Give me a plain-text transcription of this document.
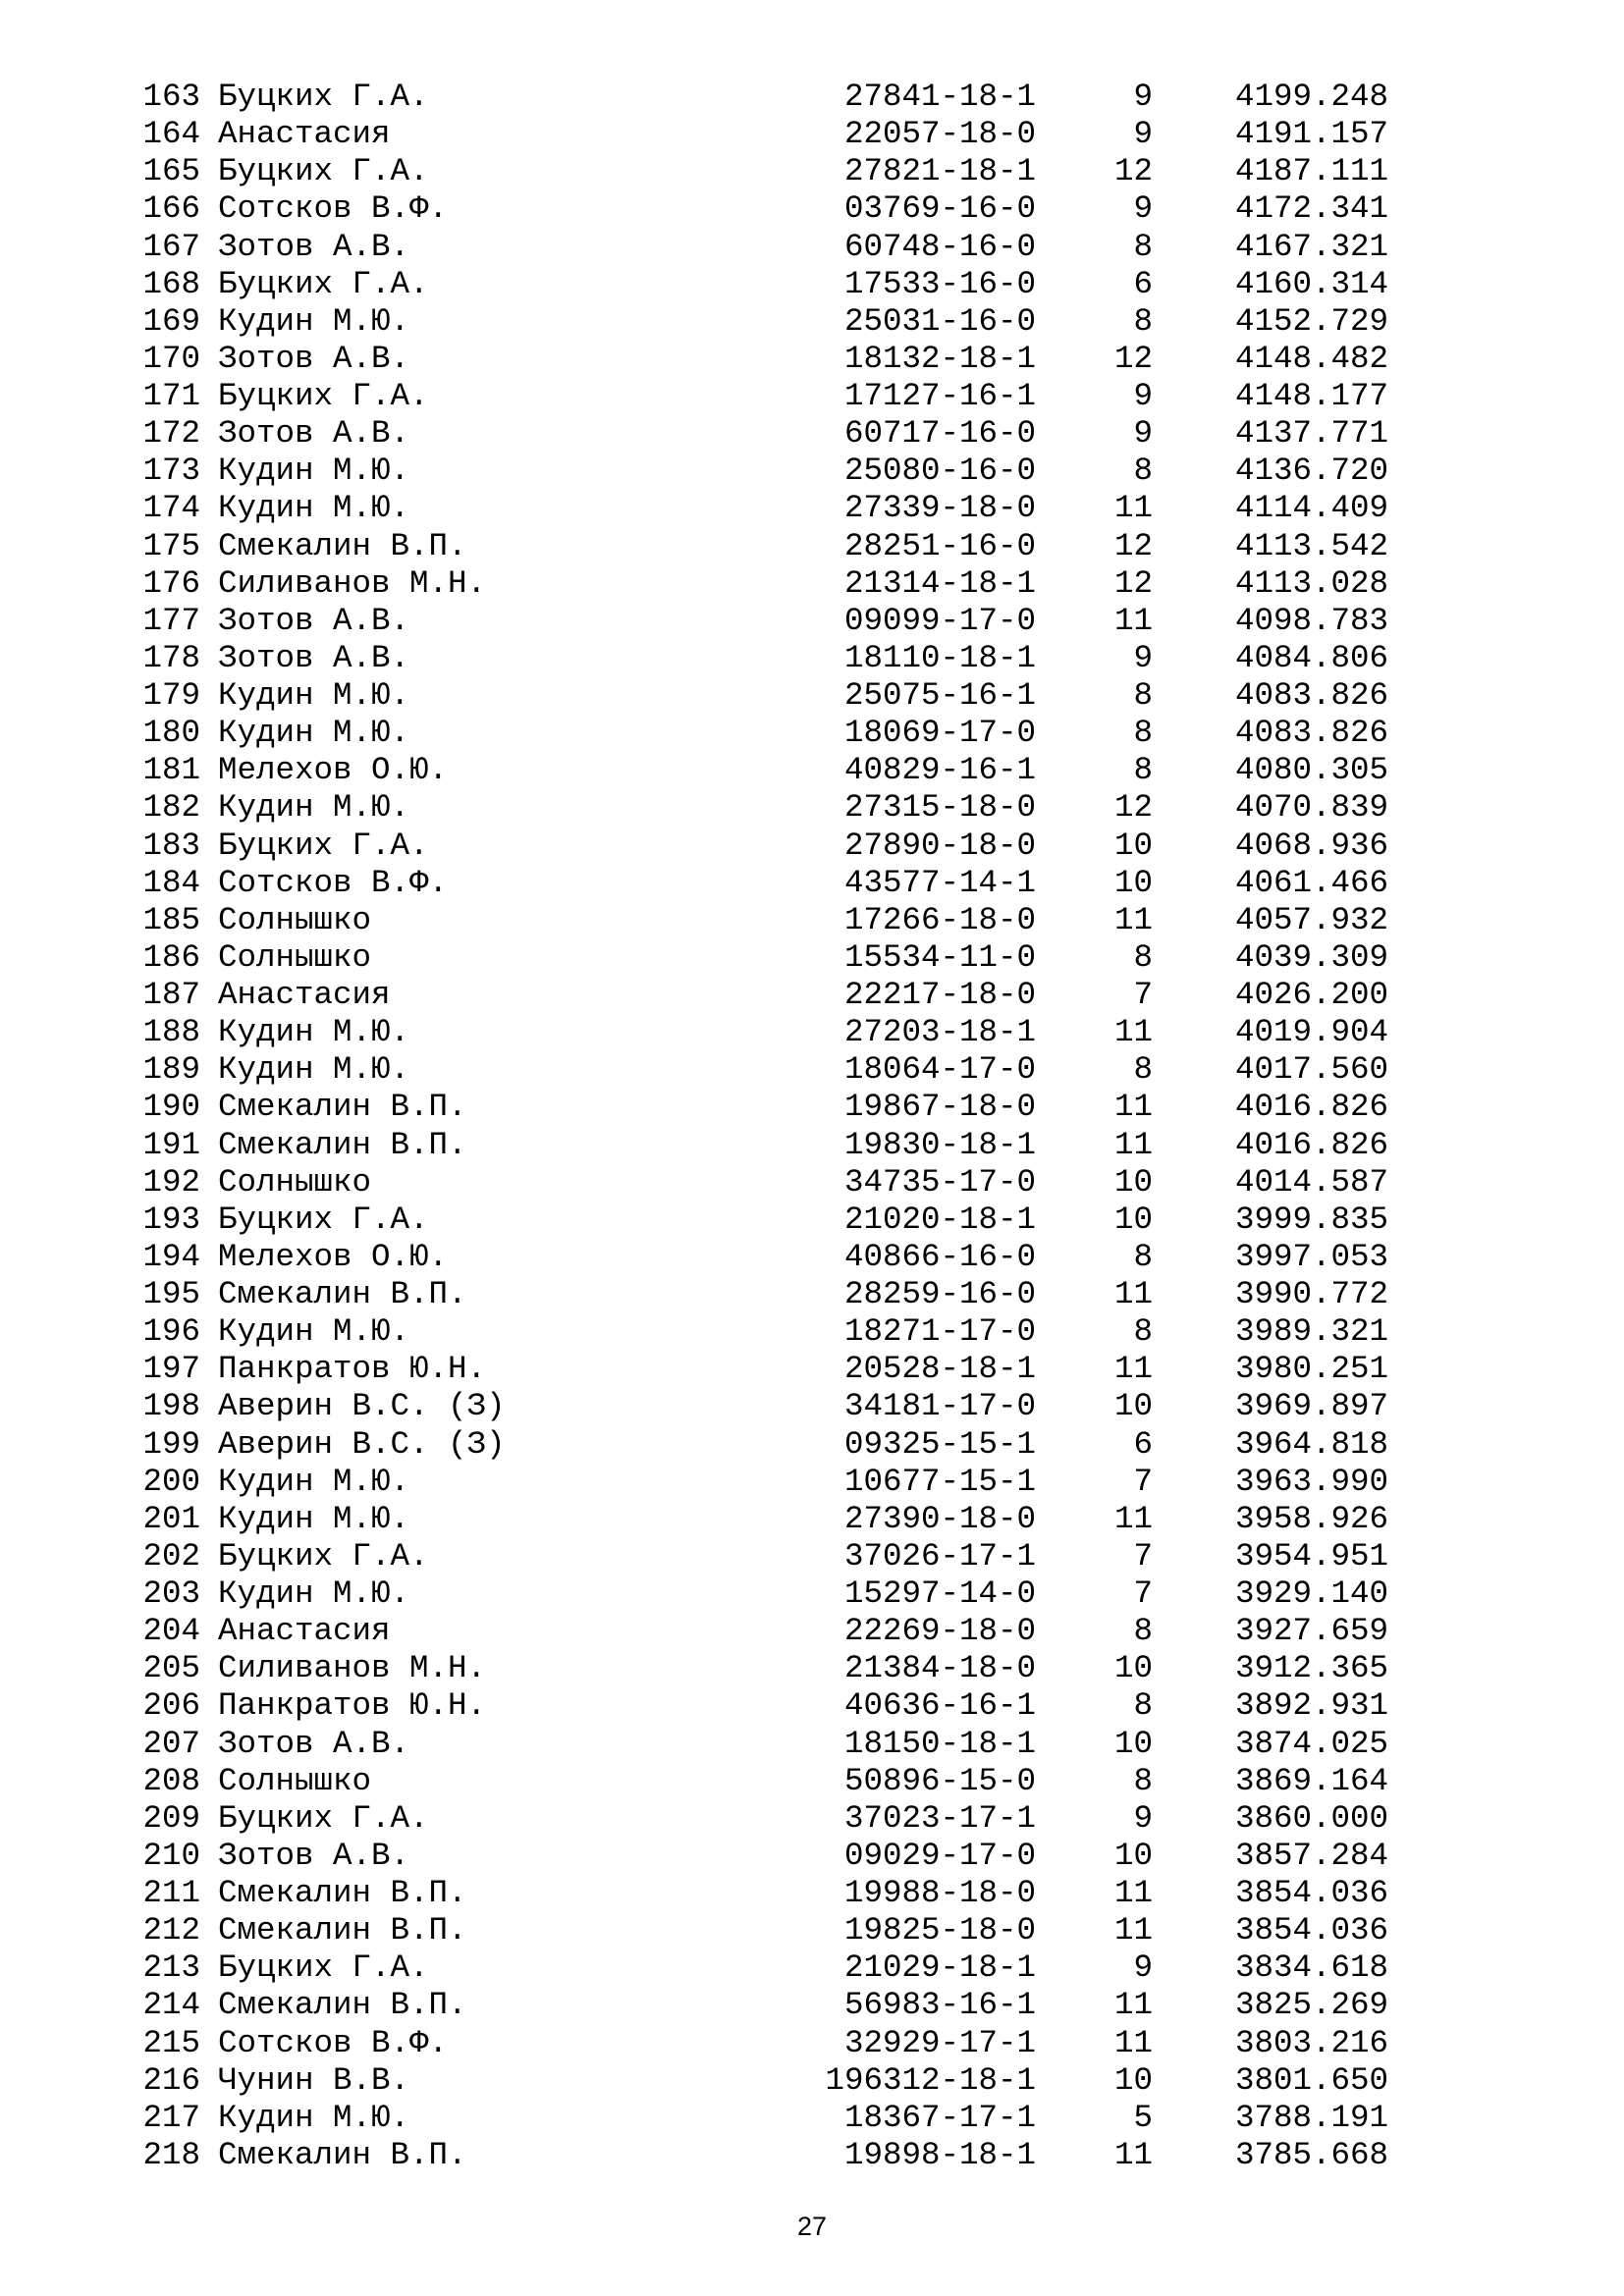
163 Буцких Г.А.	27841-18-1	9	4199.248
164 Анастасия	22057-18-0	9	4191.157
165 Буцких Г.А.	27821-18-1	12	4187.111
166 Сотсков В.Ф.	03769-16-0	9	4172.341
167 Зотов А.В.	60748-16-0	8	4167.321
168 Буцких Г.А.	17533-16-0	6	4160.314
169 Кудин М.Ю.	25031-16-0	8	4152.729
170 Зотов А.В.	18132-18-1	12	4148.482
171 Буцких Г.А.	17127-16-1	9	4148.177
172 Зотов А.В.	60717-16-0	9	4137.771
173 Кудин М.Ю.	25080-16-0	8	4136.720
174 Кудин М.Ю.	27339-18-0	11	4114.409
175 Смекалин В.П.	28251-16-0	12	4113.542
176 Силиванов М.Н.	21314-18-1	12	4113.028
177 Зотов А.В.	09099-17-0	11	4098.783
178 Зотов А.В.	18110-18-1	9	4084.806
179 Кудин М.Ю.	25075-16-1	8	4083.826
180 Кудин М.Ю.	18069-17-0	8	4083.826
181 Мелехов О.Ю.	40829-16-1	8	4080.305
182 Кудин М.Ю.	27315-18-0	12	4070.839
183 Буцких Г.А.	27890-18-0	10	4068.936
184 Сотсков В.Ф.	43577-14-1	10	4061.466
185 Солнышко	17266-18-0	11	4057.932
186 Солнышко	15534-11-0	8	4039.309
187 Анастасия	22217-18-0	7	4026.200
188 Кудин М.Ю.	27203-18-1	11	4019.904
189 Кудин М.Ю.	18064-17-0	8	4017.560
190 Смекалин В.П.	19867-18-0	11	4016.826
191 Смекалин В.П.	19830-18-1	11	4016.826
192 Солнышко	34735-17-0	10	4014.587
193 Буцких Г.А.	21020-18-1	10	3999.835
194 Мелехов О.Ю.	40866-16-0	8	3997.053
195 Смекалин В.П.	28259-16-0	11	3990.772
196 Кудин М.Ю.	18271-17-0	8	3989.321
197 Панкратов Ю.Н.	20528-18-1	11	3980.251
198 Аверин В.С. (З)	34181-17-0	10	3969.897
199 Аверин В.С. (З)	09325-15-1	6	3964.818
200 Кудин М.Ю.	10677-15-1	7	3963.990
201 Кудин М.Ю.	27390-18-0	11	3958.926
202 Буцких Г.А.	37026-17-1	7	3954.951
203 Кудин М.Ю.	15297-14-0	7	3929.140
204 Анастасия	22269-18-0	8	3927.659
205 Силиванов М.Н.	21384-18-0	10	3912.365
206 Панкратов Ю.Н.	40636-16-1	8	3892.931
207 Зотов А.В.	18150-18-1	10	3874.025
208 Солнышко	50896-15-0	8	3869.164
209 Буцких Г.А.	37023-17-1	9	3860.000
210 Зотов А.В.	09029-17-0	10	3857.284
211 Смекалин В.П.	19988-18-0	11	3854.036
212 Смекалин В.П.	19825-18-0	11	3854.036
213 Буцких Г.А.	21029-18-1	9	3834.618
214 Смекалин В.П.	56983-16-1	11	3825.269
215 Сотсков В.Ф.	32929-17-1	11	3803.216
216 Чунин В.В.	196312-18-1	10	3801.650
217 Кудин М.Ю.	18367-17-1	5	3788.191
218 Смекалин В.П.	19898-18-1	11	3785.668
27
